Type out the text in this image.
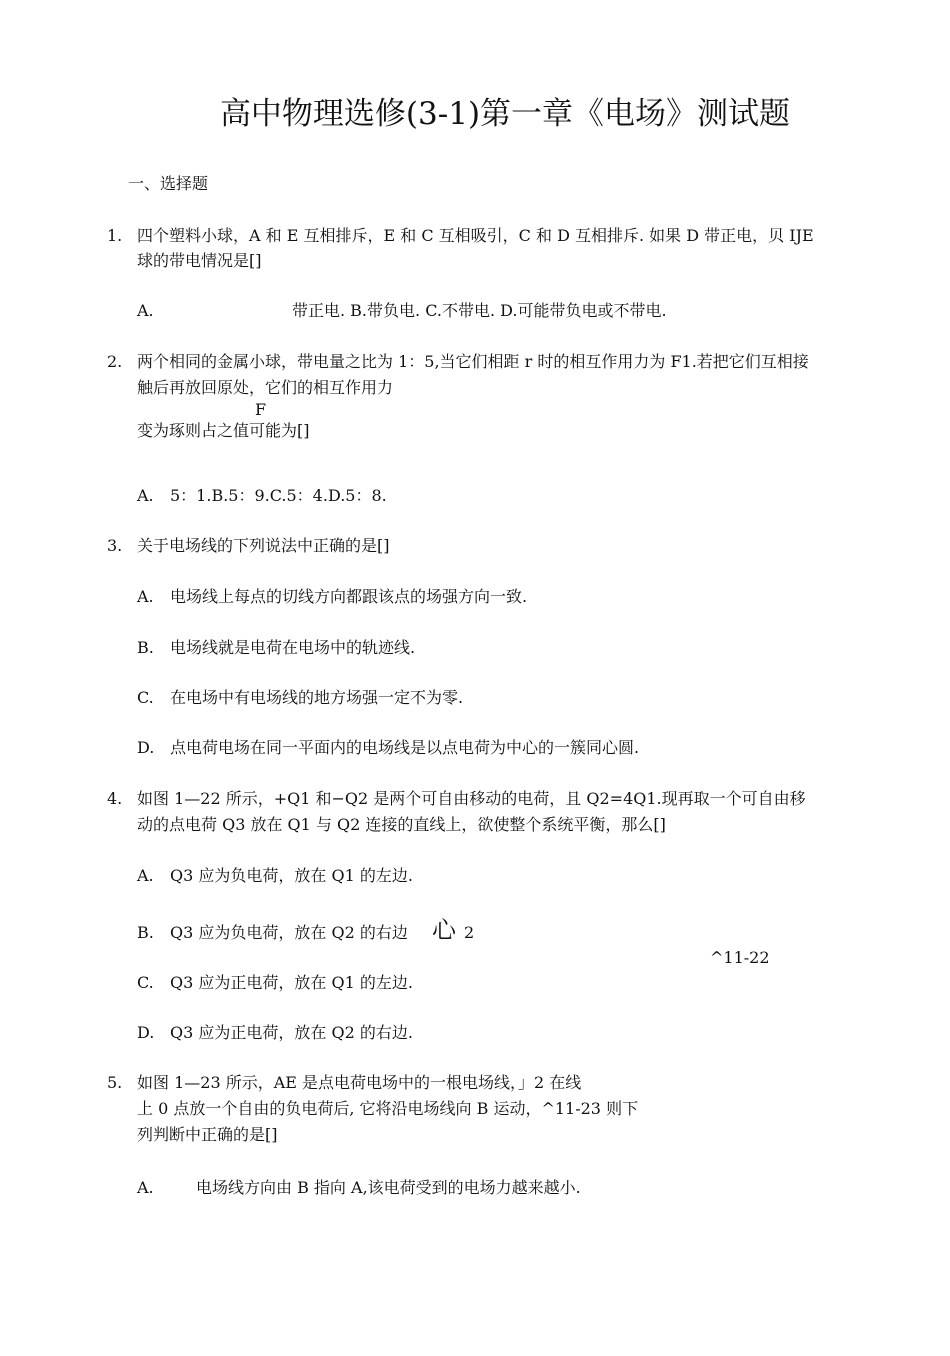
高中物理选修(3-1)第一章《电场》测试题
一、选择题
1. 四个塑料小球，A 和 E 互相排斥，E 和 C 互相吸引，C 和 D 互相排斥. 如果 D 带正电，贝 IJE
球的带电情况是[]
A.	带正电. B.带负电. C.不带电. D.可能带负电或不带电.
2. 两个相同的金属小球，带电量之比为 1：5,当它们相距 r 时的相互作用力为 F1.若把它们互相接
触后再放回原处，它们的相互作用力
F
变为琢则占之值可能为[]
A. 5：1.B.5：9.C.5：4.D.5：8.
3. 关于电场线的下列说法中正确的是[]
A. 电场线上每点的切线方向都跟该点的场强方向一致.
B. 电场线就是电荷在电场中的轨迹线.
C. 在电场中有电场线的地方场强一定不为零.
D. 点电荷电场在同一平面内的电场线是以点电荷为中心的一簇同心圆.
4. 如图 1—22 所示，+Q1 和−Q2 是两个可自由移动的电荷，且 Q2=4Q1.现再取一个可自由移
动的点电荷 Q3 放在 Q1 与 Q2 连接的直线上，欲使整个系统平衡，那么[]
A. Q3 应为负电荷，放在 Q1 的左边.
B. Q3 应为负电荷，放在 Q2 的右边 心 2
^11-22
C. Q3 应为正电荷，放在 Q1 的左边.
D. Q3 应为正电荷，放在 Q2 的右边.
5. 如图 1—23 所示，AE 是点电荷电场中的一根电场线，」2 在线
上 0 点放一个自由的负电荷后, 它将沿电场线向 B 运动，^11-23 则下
列判断中正确的是[]
A.	电场线方向由 B 指向 A,该电荷受到的电场力越来越小.
